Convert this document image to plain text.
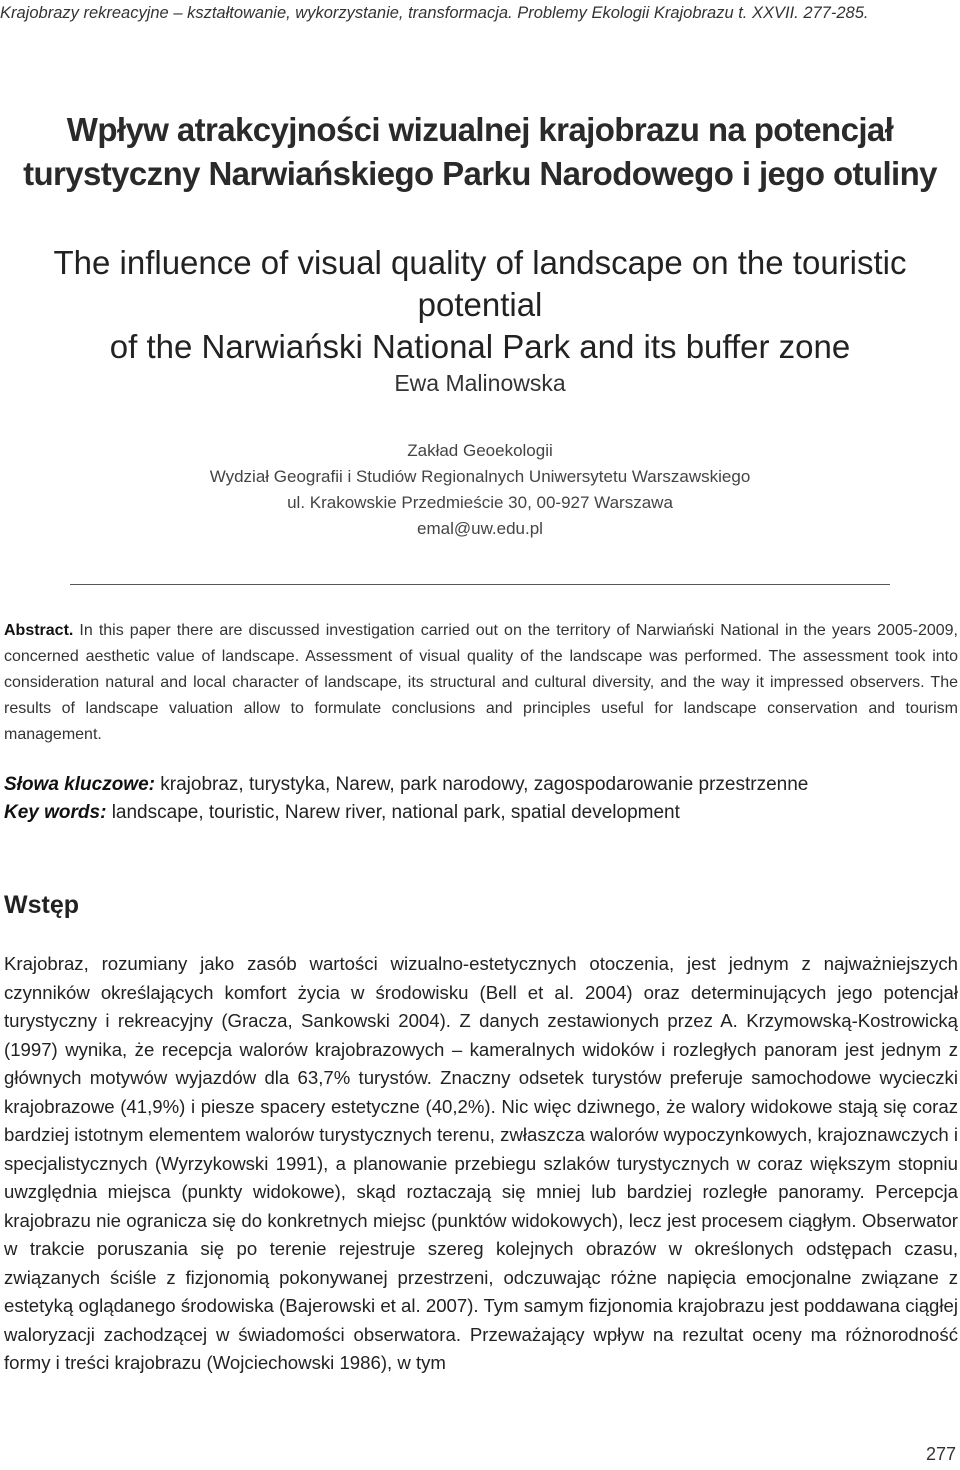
Krajobrazy rekreacyjne – kształtowanie, wykorzystanie, transformacja. Problemy Ekologii Krajobrazu t. XXVII. 277-285.
Wpływ atrakcyjności wizualnej krajobrazu na potencjał
turystyczny Narwiańskiego Parku Narodowego i jego otuliny
The influence of visual quality of landscape on the touristic potential
of the Narwiański National Park and its buffer zone
Ewa Malinowska
Zakład Geoekologii
Wydział Geografii i Studiów Regionalnych Uniwersytetu Warszawskiego
ul. Krakowskie Przedmieście 30, 00-927 Warszawa
emal@uw.edu.pl
Abstract. In this paper there are discussed investigation carried out on the territory of Narwiański National in the years 2005-2009, concerned aesthetic value of landscape. Assessment of visual quality of the landscape was performed. The assessment took into consideration natural and local character of landscape, its structural and cultural diversity, and the way it impressed observers. The results of landscape valuation allow to formulate conclusions and principles useful for landscape conservation and tourism management.
Słowa kluczowe: krajobraz, turystyka, Narew, park narodowy, zagospodarowanie przestrzenne
Key words: landscape, touristic, Narew river, national park, spatial development
Wstęp
Krajobraz, rozumiany jako zasób wartości wizualno-estetycznych otoczenia, jest jednym z najważniejszych czynników określających komfort życia w środowisku (Bell et al. 2004) oraz determinujących jego potencjał turystyczny i rekreacyjny (Gracza, Sankowski 2004). Z danych zestawionych przez A. Krzymowską-Kostrowicką (1997) wynika, że recepcja walorów krajobrazowych – kameralnych widoków i rozległych panoram jest jednym z głównych motywów wyjazdów dla 63,7% turystów. Znaczny odsetek turystów preferuje samochodowe wycieczki krajobrazowe (41,9%) i piesze spacery estetyczne (40,2%). Nic więc dziwnego, że walory widokowe stają się coraz bardziej istotnym elementem walorów turystycznych terenu, zwłaszcza walorów wypoczynkowych, krajoznawczych i specjalistycznych (Wyrzykowski 1991), a planowanie przebiegu szlaków turystycznych w coraz większym stopniu uwzględnia miejsca (punkty widokowe), skąd roztaczają się mniej lub bardziej rozległe panoramy. Percepcja krajobrazu nie ogranicza się do konkretnych miejsc (punktów widokowych), lecz jest procesem ciągłym. Obserwator w trakcie poruszania się po terenie rejestruje szereg kolejnych obrazów w określonych odstępach czasu, związanych ściśle z fizjonomią pokonywanej przestrzeni, odczuwając różne napięcia emocjonalne związane z estetyką oglądanego środowiska (Bajerowski et al. 2007). Tym samym fizjonomia krajobrazu jest poddawana ciągłej waloryzacji zachodzącej w świadomości obserwatora. Przeważający wpływ na rezultat oceny ma różnorodność formy i treści krajobrazu (Wojciechowski 1986), w tym
277
